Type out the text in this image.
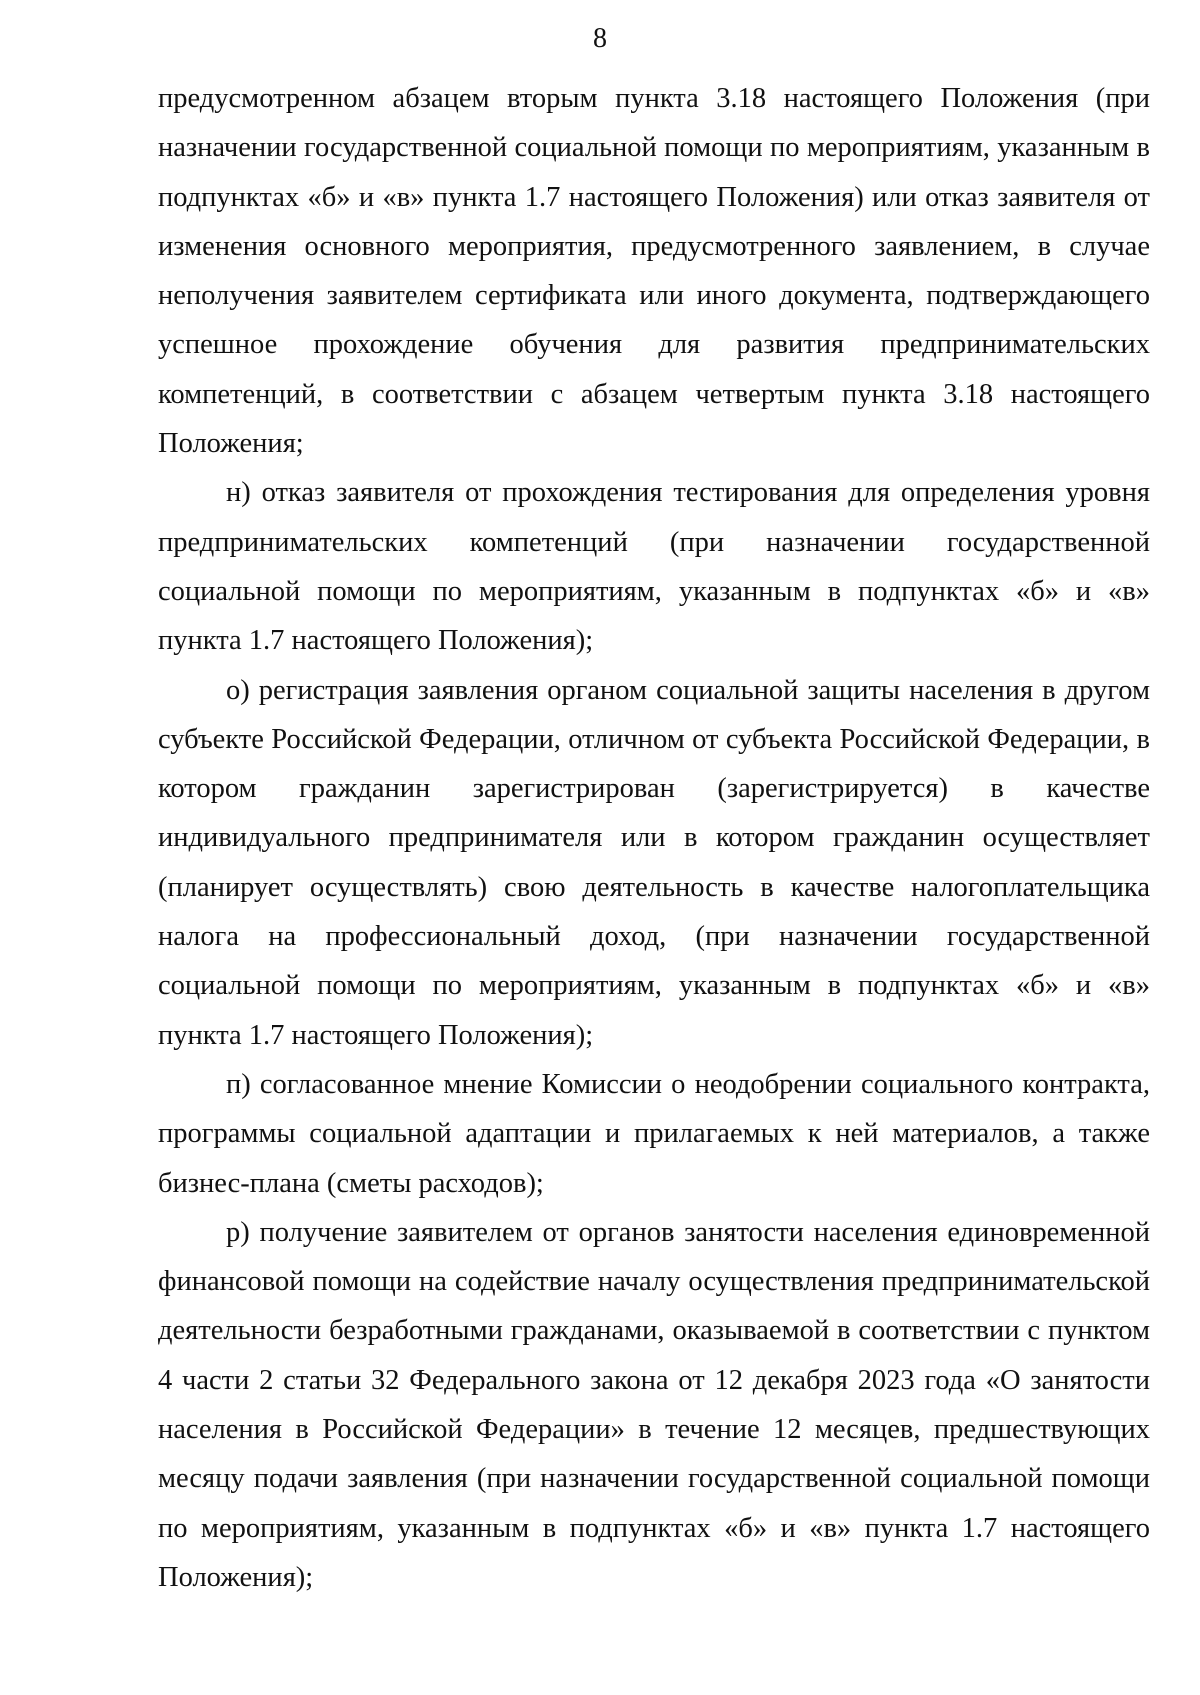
8

предусмотренном абзацем вторым пункта 3.18 настоящего Положения (при назначении государственной социальной помощи по мероприятиям, указанным в подпунктах «б» и «в» пункта 1.7 настоящего Положения) или отказ заявителя от изменения основного мероприятия, предусмотренного заявлением, в случае неполучения заявителем сертификата или иного документа, подтверждающего успешное прохождение обучения для развития предпринимательских компетенций, в соответствии с абзацем четвертым пункта 3.18 настоящего Положения;

н) отказ заявителя от прохождения тестирования для определения уровня предпринимательских компетенций (при назначении государственной социальной помощи по мероприятиям, указанным в подпунктах «б» и «в» пункта 1.7 настоящего Положения);

о) регистрация заявления органом социальной защиты населения в другом субъекте Российской Федерации, отличном от субъекта Российской Федерации, в котором гражданин зарегистрирован (зарегистрируется) в качестве индивидуального предпринимателя или в котором гражданин осуществляет (планирует осуществлять) свою деятельность в качестве налогоплательщика налога на профессиональный доход, (при назначении государственной социальной помощи по мероприятиям, указанным в подпунктах «б» и «в» пункта 1.7 настоящего Положения);

п) согласованное мнение Комиссии о неодобрении социального контракта, программы социальной адаптации и прилагаемых к ней материалов, а также бизнес-плана (сметы расходов);

р) получение заявителем от органов занятости населения единовременной финансовой помощи на содействие началу осуществления предпринимательской деятельности безработными гражданами, оказываемой в соответствии с пунктом 4 части 2 статьи 32 Федерального закона от 12 декабря 2023 года «О занятости населения в Российской Федерации» в течение 12 месяцев, предшествующих месяцу подачи заявления (при назначении государственной социальной помощи по мероприятиям, указанным в подпунктах «б» и «в» пункта 1.7 настоящего Положения);
